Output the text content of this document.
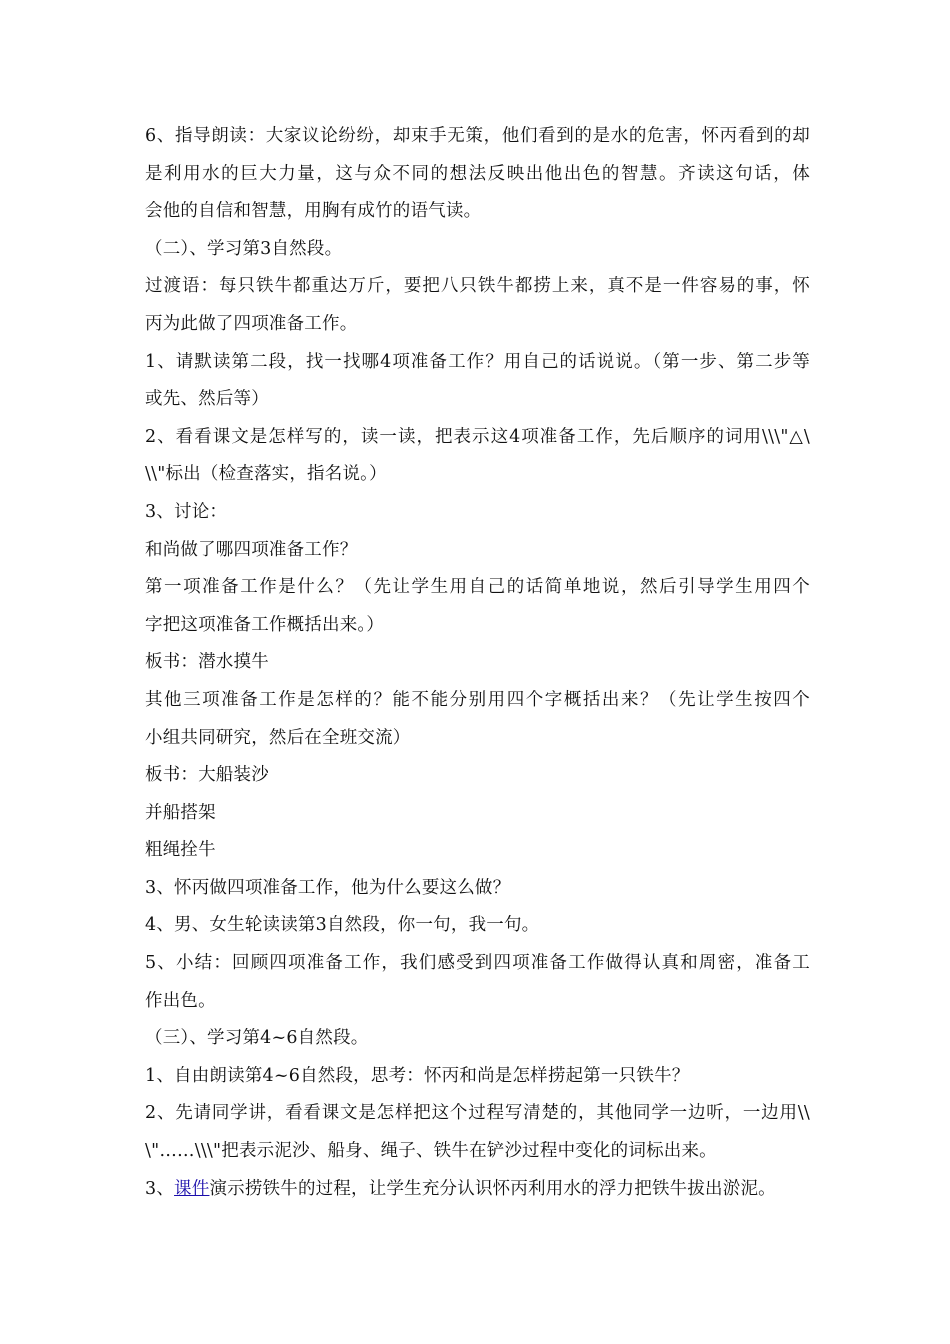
6、指导朗读：大家议论纷纷，却束手无策，他们看到的是水的危害，怀丙看到的却
是利用水的巨大力量，这与众不同的想法反映出他出色的智慧。齐读这句话，体
会他的自信和智慧，用胸有成竹的语气读。
（二）、学习第3自然段。
过渡语：每只铁牛都重达万斤，要把八只铁牛都捞上来，真不是一件容易的事，怀
丙为此做了四项准备工作。
1、请默读第二段，找一找哪4项准备工作？用自己的话说说。（第一步、第二步等
或先、然后等）
2、看看课文是怎样写的，读一读，把表示这4项准备工作，先后顺序的词用\\\"△\
\\"标出（检查落实，指名说。）
3、讨论：
和尚做了哪四项准备工作？
第一项准备工作是什么？（先让学生用自己的话简单地说，然后引导学生用四个
字把这项准备工作概括出来。）
板书：潜水摸牛
其他三项准备工作是怎样的？能不能分别用四个字概括出来？（先让学生按四个
小组共同研究，然后在全班交流）
板书：大船装沙
并船搭架
粗绳拴牛
3、怀丙做四项准备工作，他为什么要这么做？
4、男、女生轮读读第3自然段，你一句，我一句。
5、小结：回顾四项准备工作，我们感受到四项准备工作做得认真和周密，准备工
作出色。
（三）、学习第4~6自然段。
1、自由朗读第4~6自然段，思考：怀丙和尚是怎样捞起第一只铁牛？
2、先请同学讲，看看课文是怎样把这个过程写清楚的，其他同学一边听，一边用\\
\"……\\\"把表示泥沙、船身、绳子、铁牛在铲沙过程中变化的词标出来。
3、课件演示捞铁牛的过程，让学生充分认识怀丙利用水的浮力把铁牛拔出淤泥。
